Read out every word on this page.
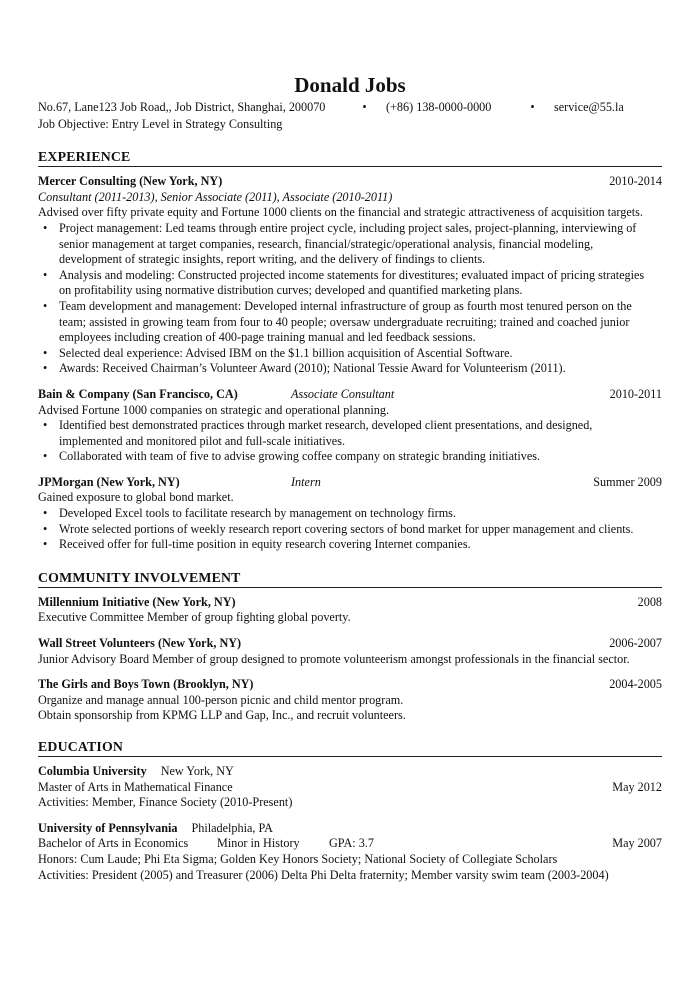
Donald Jobs
No.67, Lane123 Job Road,, Job District, Shanghai, 200070	•	(+86) 138-0000-0000	•	service@55.la
Job Objective: Entry Level in Strategy Consulting
EXPERIENCE
Mercer Consulting (New York, NY)	2010-2014
Consultant (2011-2013), Senior Associate (2011), Associate (2010-2011)
Advised over fifty private equity and Fortune 1000 clients on the financial and strategic attractiveness of acquisition targets.
• Project management: Led teams through entire project cycle, including project sales, project-planning, interviewing of
senior management at target companies, research, financial/strategic/operational analysis, financial modeling,
development of strategic insights, report writing, and the delivery of findings to clients.
• Analysis and modeling: Constructed projected income statements for divestitures; evaluated impact of pricing strategies
on profitability using normative distribution curves; developed and quantified marketing plans.
• Team development and management: Developed internal infrastructure of group as fourth most tenured person on the
team; assisted in growing team from four to 40 people; oversaw undergraduate recruiting; trained and coached junior
employees including creation of 400-page training manual and led feedback sessions.
• Selected deal experience: Advised IBM on the $1.1 billion acquisition of Ascential Software.
• Awards: Received Chairman’s Volunteer Award (2010); National Tessie Award for Volunteerism (2011).
Bain & Company (San Francisco, CA)	Associate Consultant	2010-2011
Advised Fortune 1000 companies on strategic and operational planning.
• Identified best demonstrated practices through market research, developed client presentations, and designed,
implemented and monitored pilot and full-scale initiatives.
• Collaborated with team of five to advise growing coffee company on strategic branding initiatives.
JPMorgan (New York, NY)	Intern	Summer 2009
Gained exposure to global bond market.
• Developed Excel tools to facilitate research by management on technology firms.
• Wrote selected portions of weekly research report covering sectors of bond market for upper management and clients.
• Received offer for full-time position in equity research covering Internet companies.
COMMUNITY INVOLVEMENT
Millennium Initiative (New York, NY)	2008
Executive Committee Member of group fighting global poverty.
Wall Street Volunteers (New York, NY)	2006-2007
Junior Advisory Board Member of group designed to promote volunteerism amongst professionals in the financial sector.
The Girls and Boys Town (Brooklyn, NY)	2004-2005
Organize and manage annual 100-person picnic and child mentor program.
Obtain sponsorship from KPMG LLP and Gap, Inc., and recruit volunteers.
EDUCATION
Columbia University New York, NY
Master of Arts in Mathematical Finance	May 2012
Activities: Member, Finance Society (2010-Present)
University of Pennsylvania Philadelphia, PA
Bachelor of Arts in Economics	Minor in History	GPA: 3.7	May 2007
Honors: Cum Laude; Phi Eta Sigma; Golden Key Honors Society; National Society of Collegiate Scholars
Activities: President (2005) and Treasurer (2006) Delta Phi Delta fraternity; Member varsity swim team (2003-2004)
